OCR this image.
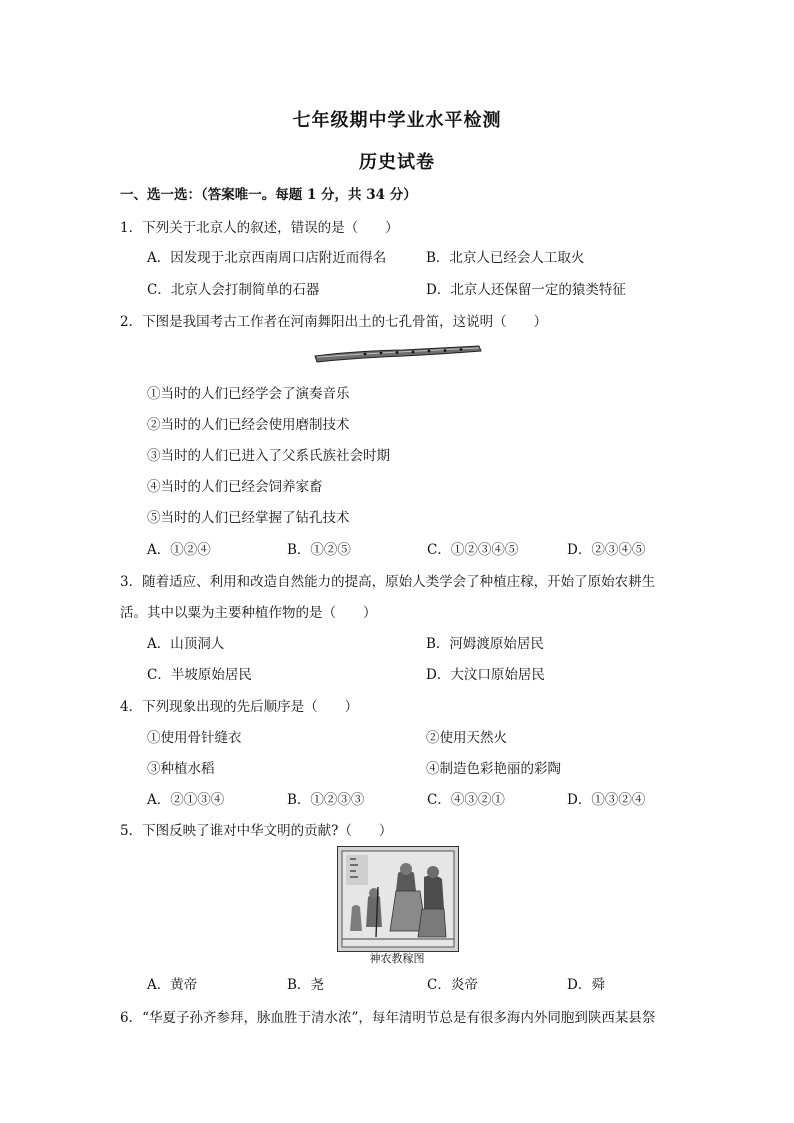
七年级期中学业水平检测
历史试卷
一、选一选：（答案唯一。每题 1 分，共 34 分）
1．下列关于北京人的叙述，错误的是（　　）
A．因发现于北京西南周口店附近而得名	B．北京人已经会人工取火
C．北京人会打制简单的石器	D．北京人还保留一定的猿类特征
2．下图是我国考古工作者在河南舞阳出土的七孔骨笛，这说明（　　）
①当时的人们已经学会了演奏音乐
②当时的人们已经会使用磨制技术
③当时的人们已进入了父系氏族社会时期
④当时的人们已经会饲养家畜
⑤当时的人们已经掌握了钻孔技术
A．①②④	B．①②⑤	C．①②③④⑤	D．②③④⑤
3．随着适应、利用和改造自然能力的提高，原始人类学会了种植庄稼，开始了原始农耕生
活。其中以粟为主要种植作物的是（　　）
A．山顶洞人	B．河姆渡原始居民
C．半坡原始居民	D．大汶口原始居民
4．下列现象出现的先后顺序是（　　）
①使用骨针缝衣	②使用天然火
③种植水稻	④制造色彩艳丽的彩陶
A．②①③④	B．①②③③	C．④③②①	D．①③②④
5．下图反映了谁对中华文明的贡献?（　　）
神农教稼图
A．黄帝	B．尧	C．炎帝	D．舜
6．“华夏子孙齐参拜，脉血胜于清水浓”，每年清明节总是有很多海内外同胞到陕西某县祭
